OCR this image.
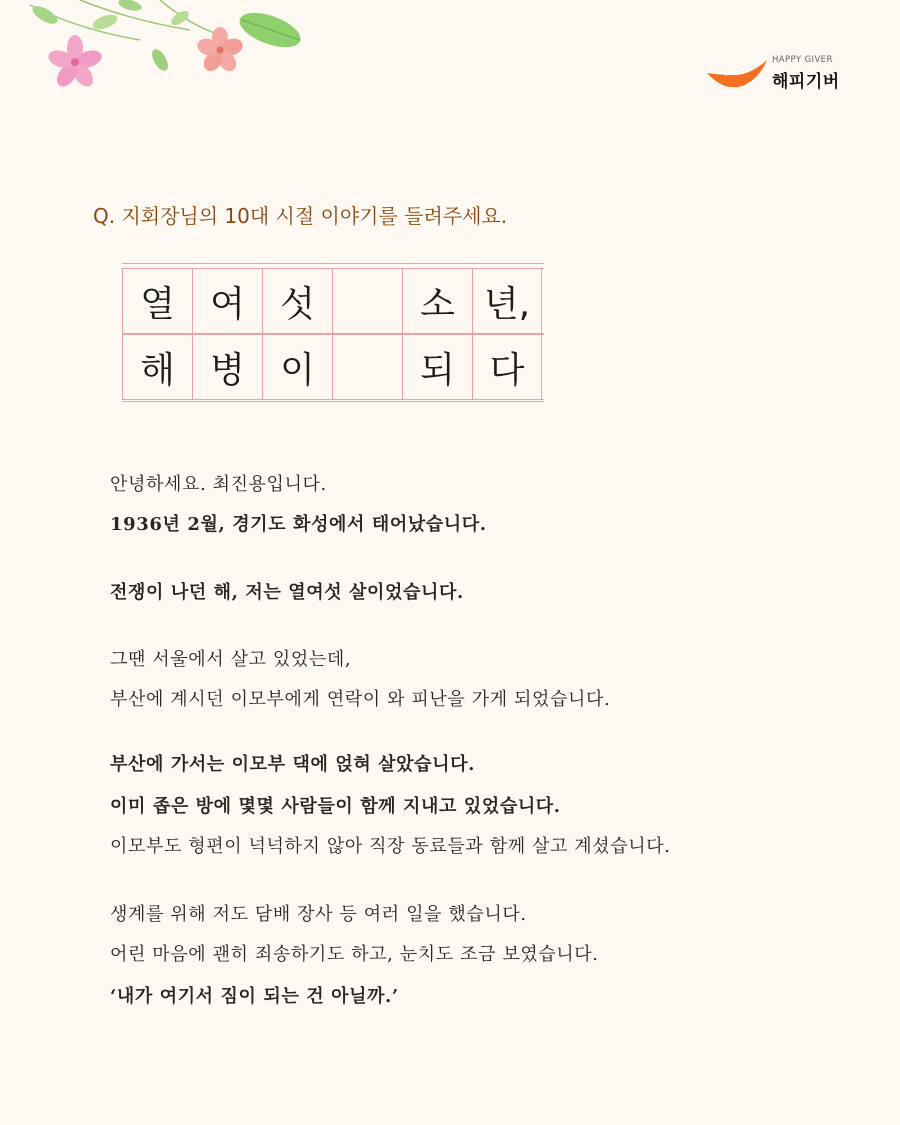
HAPPY GIVER
해피기버
Q. 지회장님의 10대 시절 이야기를 들려주세요.
열 여 섯	소 년,
해 병 이	되 다
안녕하세요. 최진용입니다.
1936년 2월, 경기도 화성에서 태어났습니다.
전쟁이 나던 해, 저는 열여섯 살이었습니다.
그땐 서울에서 살고 있었는데,
부산에 계시던 이모부에게 연락이 와 피난을 가게 되었습니다.
부산에 가서는 이모부 댁에 얹혀 살았습니다.
이미 좁은 방에 몇몇 사람들이 함께 지내고 있었습니다.
이모부도 형편이 넉넉하지 않아 직장 동료들과 함께 살고 계셨습니다.
생계를 위해 저도 담배 장사 등 여러 일을 했습니다.
어린 마음에 괜히 죄송하기도 하고, 눈치도 조금 보였습니다.
‘내가 여기서 짐이 되는 건 아닐까.’
